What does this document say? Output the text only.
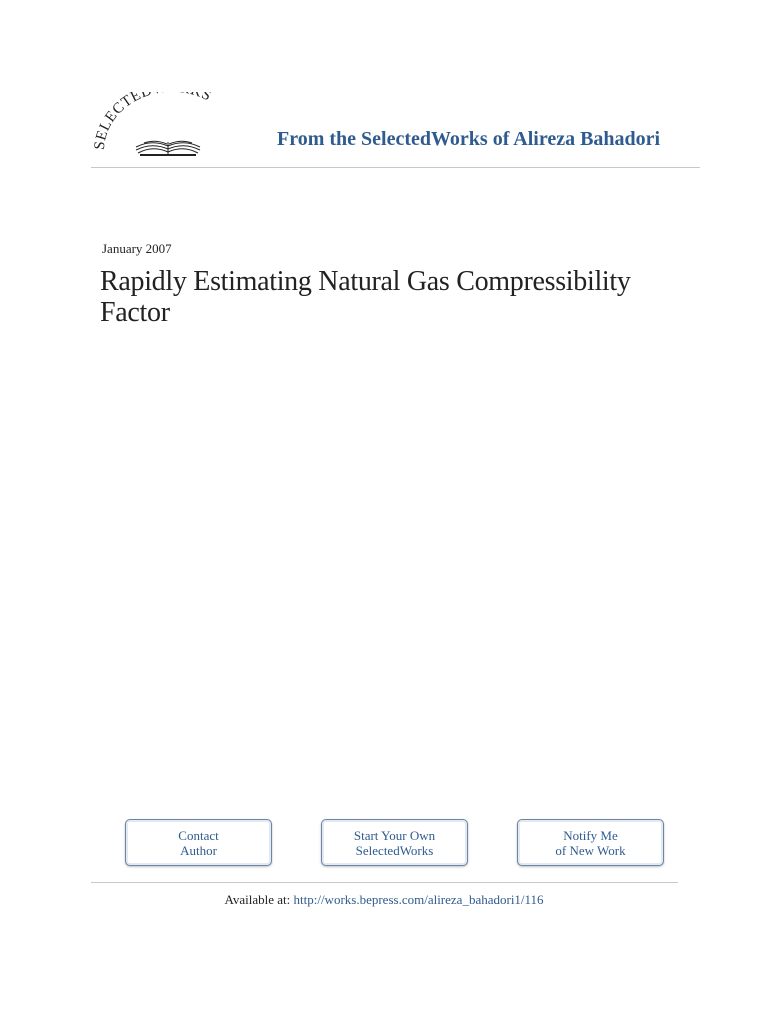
SELECTE S
From the SelectedWorks of Alireza Bahadori
January 2007
Rapidly Estimating Natural Gas Compressibility Factor
Contact
Author
Start Your Own
SelectedWorks
Notify Me
of New Work
Available at: http://works.bepress.com/alireza_bahadori1/116
